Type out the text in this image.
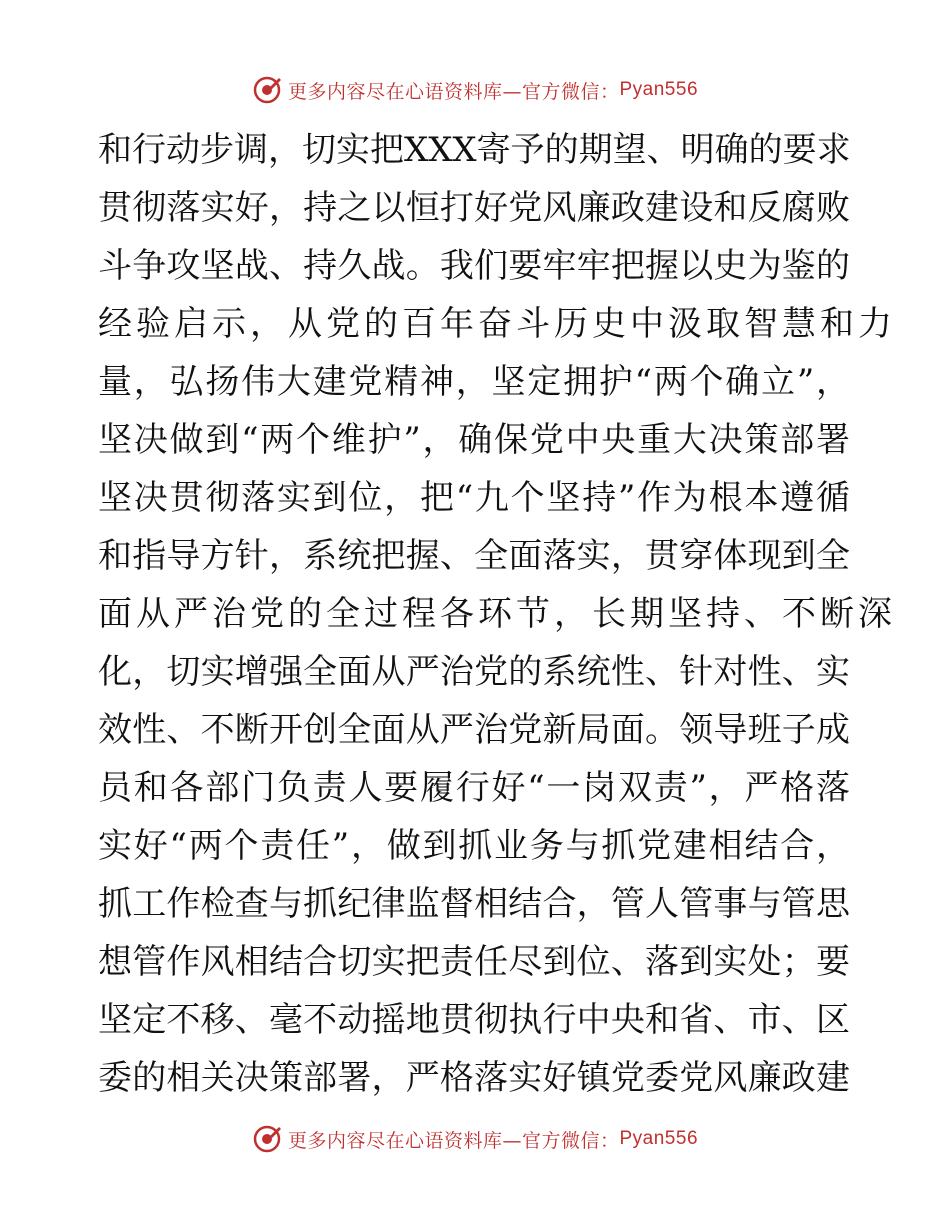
更多内容尽在心语资料库—官方微信： Pyan556
和行动步调，切实把XXX寄予的期望、明确的要求
贯彻落实好，持之以恒打好党风廉政建设和反腐败
斗争攻坚战、持久战。我们要牢牢把握以史为鉴的
经验启示，从党的百年奋斗历史中汲取智慧和力
量，弘扬伟大建党精神，坚定拥护“两个确立”，
坚决做到“两个维护”，确保党中央重大决策部署
坚决贯彻落实到位，把“九个坚持”作为根本遵循
和指导方针，系统把握、全面落实，贯穿体现到全
面从严治党的全过程各环节，长期坚持、不断深
化，切实增强全面从严治党的系统性、针对性、实
效性、不断开创全面从严治党新局面。领导班子成
员和各部门负责人要履行好“一岗双责”，严格落
实好“两个责任”，做到抓业务与抓党建相结合，
抓工作检查与抓纪律监督相结合，管人管事与管思
想管作风相结合切实把责任尽到位、落到实处；要
坚定不移、毫不动摇地贯彻执行中央和省、市、区
委的相关决策部署，严格落实好镇党委党风廉政建
更多内容尽在心语资料库—官方微信： Pyan556
